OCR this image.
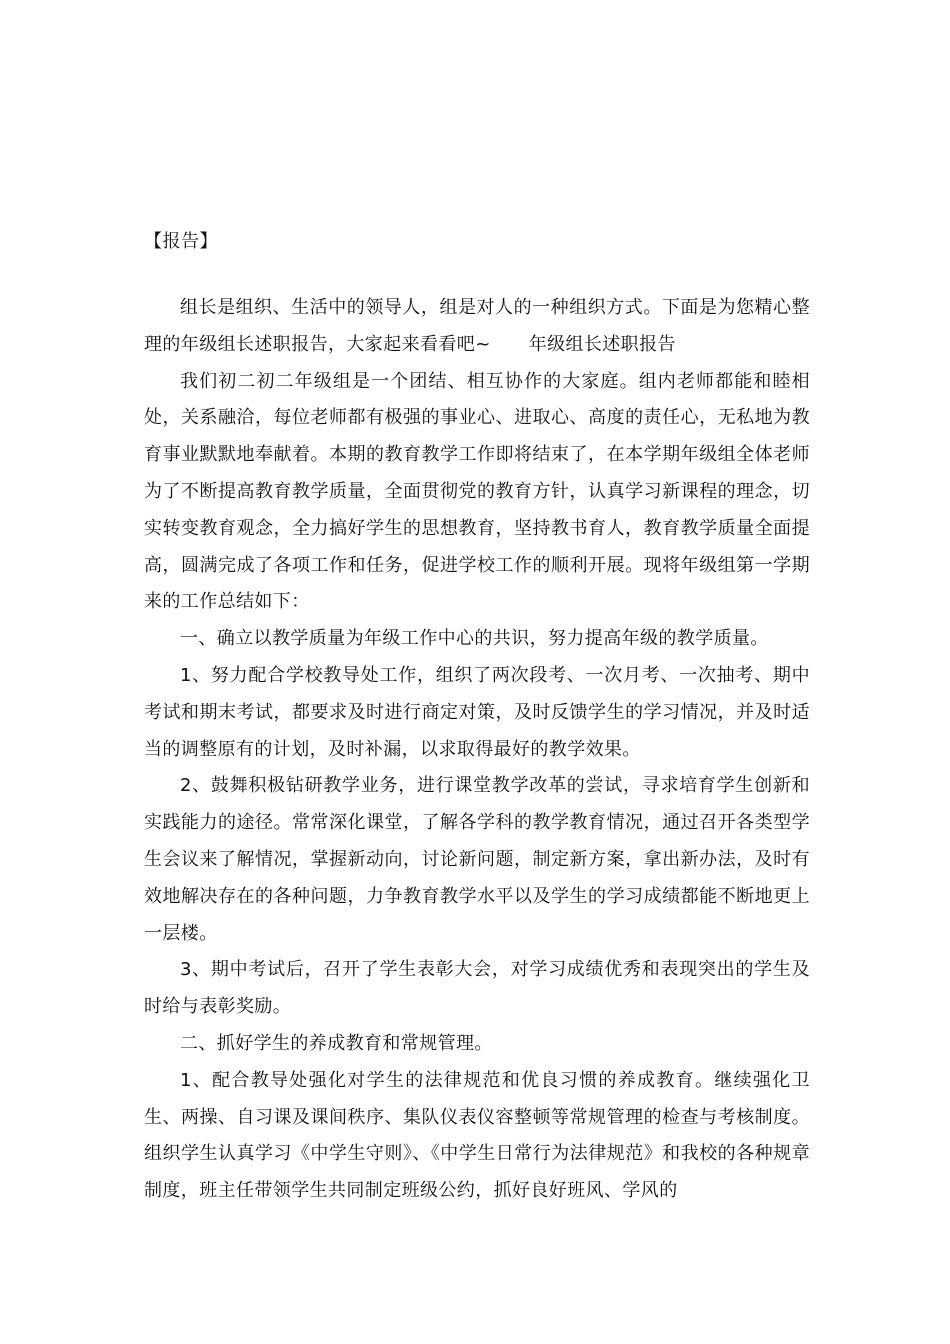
【报告】

组长是组织、生活中的领导人，组是对人的一种组织方式。下面是为您精心整理的年级组长述职报告，大家起来看看吧~ 年级组长述职报告

我们初二初二年级组是一个团结、相互协作的大家庭。组内老师都能和睦相处，关系融洽，每位老师都有极强的事业心、进取心、高度的责任心，无私地为教育事业默默地奉献着。本期的教育教学工作即将结束了，在本学期年级组全体老师为了不断提高教育教学质量，全面贯彻党的教育方针，认真学习新课程的理念，切实转变教育观念，全力搞好学生的思想教育，坚持教书育人，教育教学质量全面提高，圆满完成了各项工作和任务，促进学校工作的顺利开展。现将年级组第一学期来的工作总结如下：

一、确立以教学质量为年级工作中心的共识，努力提高年级的教学质量。

1、努力配合学校教导处工作，组织了两次段考、一次月考、一次抽考、期中考试和期末考试，都要求及时进行商定对策，及时反馈学生的学习情况，并及时适当的调整原有的计划，及时补漏，以求取得最好的教学效果。

2、鼓舞积极钻研教学业务，进行课堂教学改革的尝试，寻求培育学生创新和实践能力的途径。常常深化课堂，了解各学科的教学教育情况，通过召开各类型学生会议来了解情况，掌握新动向，讨论新问题，制定新方案，拿出新办法，及时有效地解决存在的各种问题，力争教育教学水平以及学生的学习成绩都能不断地更上一层楼。

3、期中考试后，召开了学生表彰大会，对学习成绩优秀和表现突出的学生及时给与表彰奖励。

二、抓好学生的养成教育和常规管理。

1、配合教导处强化对学生的法律规范和优良习惯的养成教育。继续强化卫生、两操、自习课及课间秩序、集队仪表仪容整顿等常规管理的检查与考核制度。组织学生认真学习《中学生守则》、《中学生日常行为法律规范》和我校的各种规章制度，班主任带领学生共同制定班级公约，抓好良好班风、学风的
